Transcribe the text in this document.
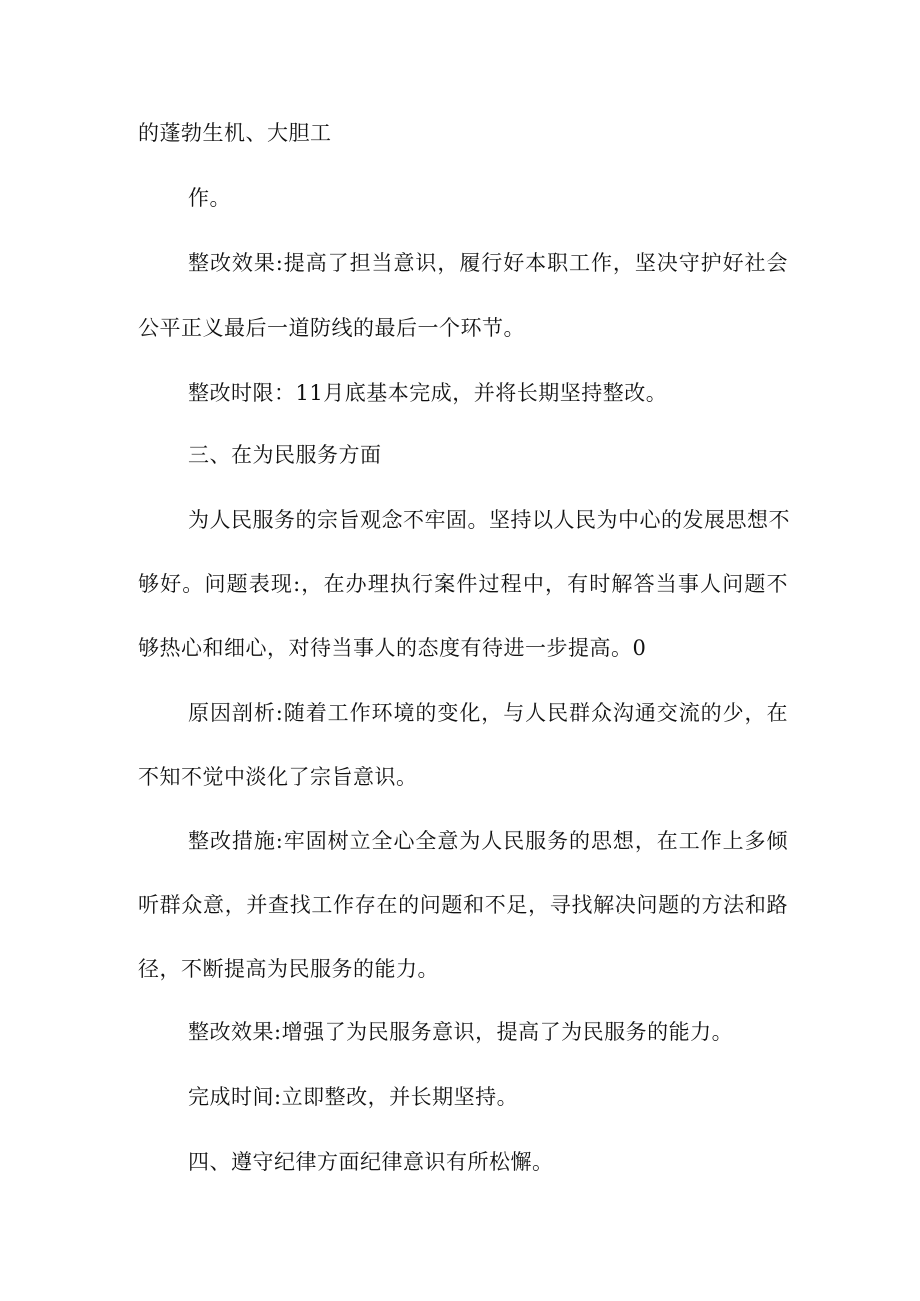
的蓬勃生机、大胆工
作。
整改效果:提高了担当意识，履行好本职工作，坚决守护好社会
公平正义最后一道防线的最后一个环节。
整改时限：11月底基本完成，并将长期坚持整改。
三、在为民服务方面
为人民服务的宗旨观念不牢固。坚持以人民为中心的发展思想不
够好。问题表现:，在办理执行案件过程中，有时解答当事人问题不
够热心和细心，对待当事人的态度有待进一步提高。0
原因剖析:随着工作环境的变化，与人民群众沟通交流的少，在
不知不觉中淡化了宗旨意识。
整改措施:牢固树立全心全意为人民服务的思想，在工作上多倾
听群众意，并查找工作存在的问题和不足，寻找解决问题的方法和路
径，不断提高为民服务的能力。
整改效果:增强了为民服务意识，提高了为民服务的能力。
完成时间:立即整改，并长期坚持。
四、遵守纪律方面纪律意识有所松懈。
